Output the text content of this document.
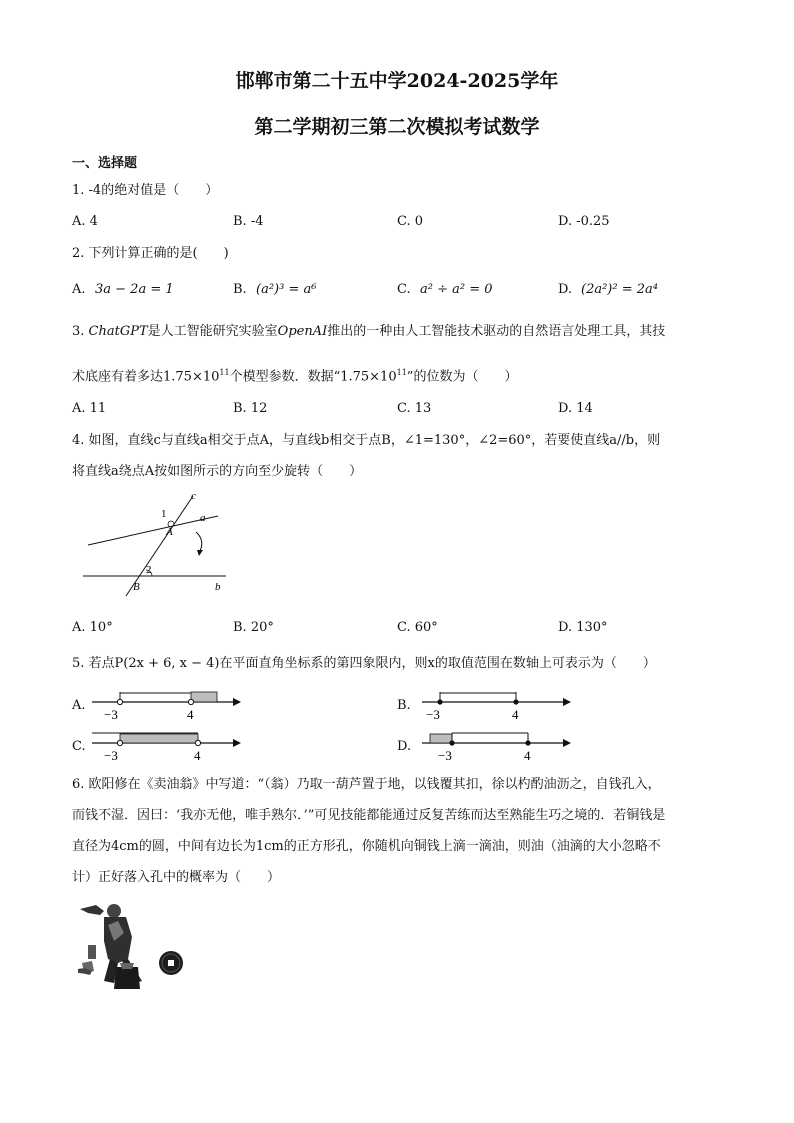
邯郸市第二十五中学2024-2025学年
第二学期初三第二次模拟考试数学
一、选择题
1. -4的绝对值是（　　）
A. 4	B. -4	C. 0	D. -0.25
2. 下列计算正确的是(　　)
A. 3a − 2a = 1	B. (a²)³ = a⁶	C. a² ÷ a² = 0	D. (2a²)² = 2a⁴
3. ChatGPT是人工智能研究实验室OpenAI推出的一种由人工智能技术驱动的自然语言处理工具，其技
术底座有着多达$1.75\times 10^{11}$个模型参数．数据“$1.75\times 10^{11}$”的位数为（　　）
A. 11	B. 12	C. 13	D. 14
4. 如图，直线c与直线a相交于点A，与直线b相交于点B，∠1=130°，∠2=60°，若要使直线a//b，则
将直线a绕点A按如图所示的方向至少旋转（　　）
c
1	a
A
2
B	b
A. 10°	B. 20°	C. 60°	D. 130°
5. 若点P(2x + 6, x − 4)在平面直角坐标系的第四象限内，则x的取值范围在数轴上可表示为（　　）
A.
−3	4
B.
−3	4
C.
−3	4
D.
−3	4
6. 欧阳修在《卖油翁》中写道：“（翁）乃取一葫芦置于地，以钱覆其扣，徐以杓酌油沥之，自钱孔入，
而钱不湿．因曰：‘我亦无他，唯手熟尔．’”可见技能都能通过反复苦练而达至熟能生巧之境的．若铜钱是
直径为4cm的圆，中间有边长为1cm的正方形孔，你随机向铜钱上滴一滴油，则油（油滴的大小忽略不
计）正好落入孔中的概率为（　　）
